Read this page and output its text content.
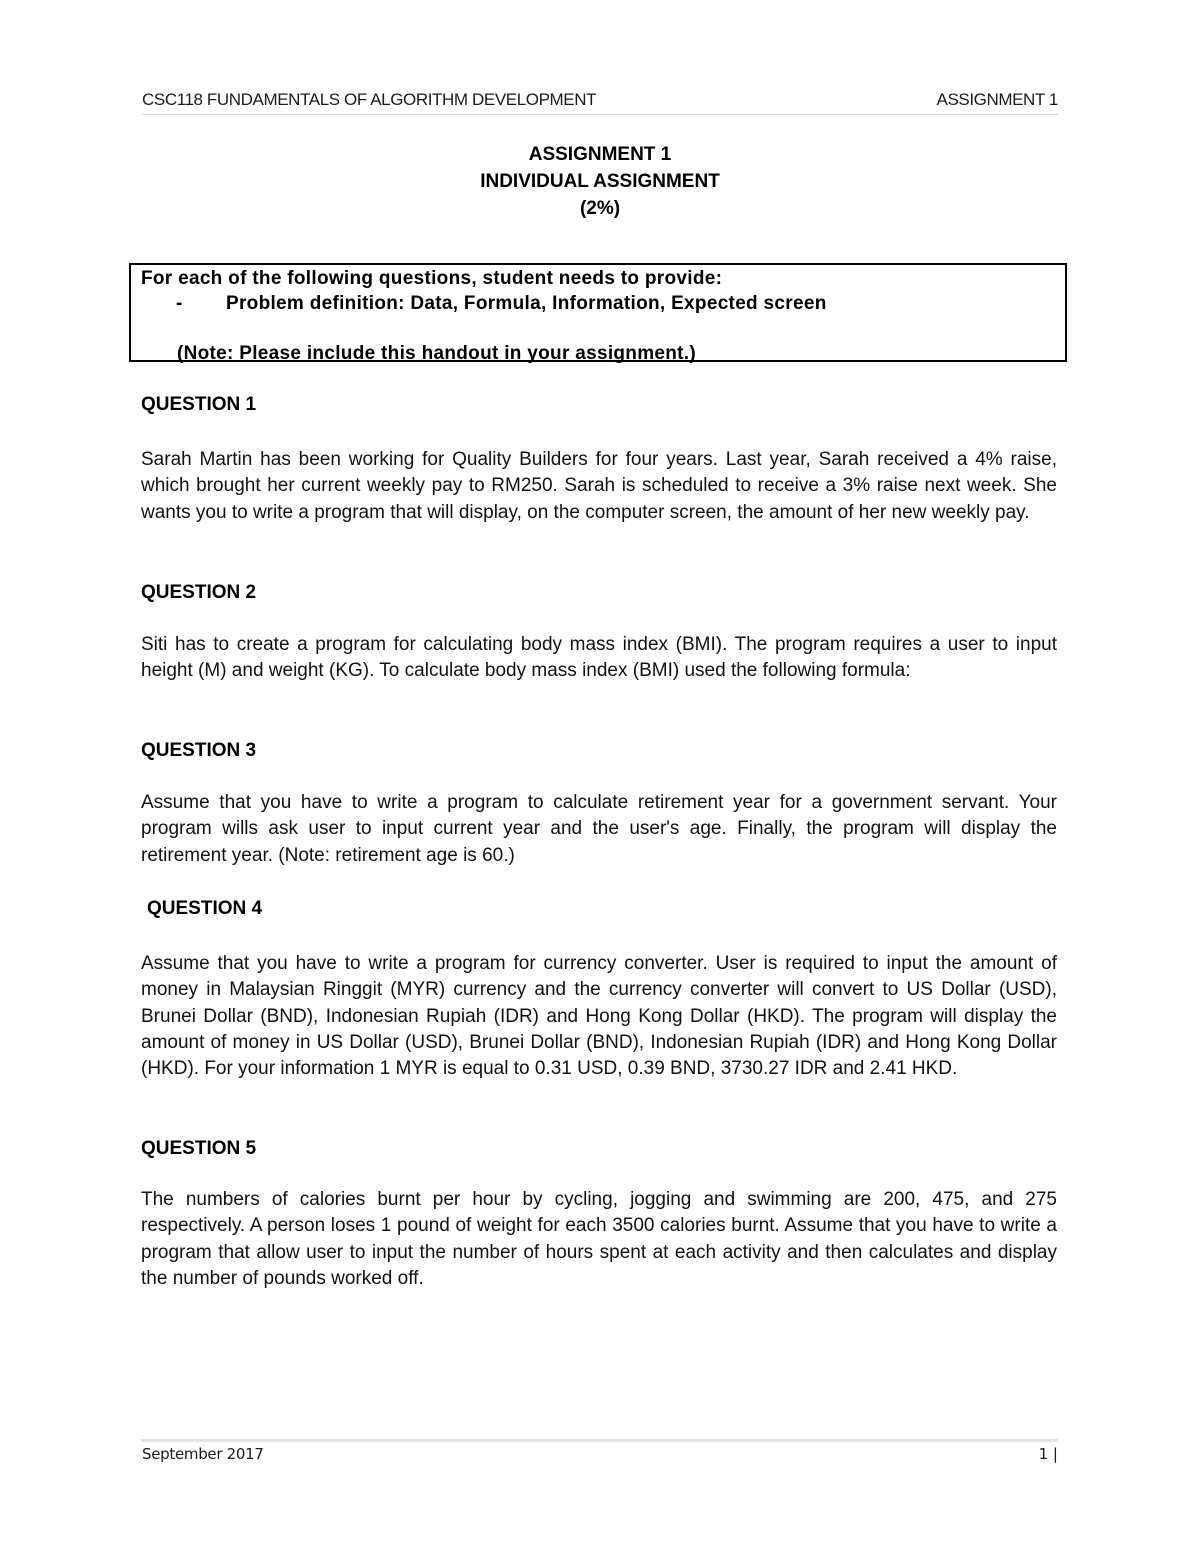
CSC118 FUNDAMENTALS OF ALGORITHM DEVELOPMENT	ASSIGNMENT 1
ASSIGNMENT 1
INDIVIDUAL ASSIGNMENT
(2%)
For each of the following questions, student needs to provide:
- Problem definition: Data, Formula, Information, Expected screen
(Note: Please include this handout in your assignment.)
QUESTION 1
Sarah Martin has been working for Quality Builders for four years. Last year, Sarah received a 4% raise, which brought her current weekly pay to RM250. Sarah is scheduled to receive a 3% raise next week. She wants you to write a program that will display, on the computer screen, the amount of her new weekly pay.
QUESTION 2
Siti has to create a program for calculating body mass index (BMI). The program requires a user to input height (M) and weight (KG). To calculate body mass index (BMI) used the following formula:
QUESTION 3
Assume that you have to write a program to calculate retirement year for a government servant. Your program wills ask user to input current year and the user's age. Finally, the program will display the retirement year. (Note: retirement age is 60.)
QUESTION 4
Assume that you have to write a program for currency converter. User is required to input the amount of money in Malaysian Ringgit (MYR) currency and the currency converter will convert to US Dollar (USD), Brunei Dollar (BND), Indonesian Rupiah (IDR) and Hong Kong Dollar (HKD). The program will display the amount of money in US Dollar (USD), Brunei Dollar (BND), Indonesian Rupiah (IDR) and Hong Kong Dollar (HKD). For your information 1 MYR is equal to 0.31 USD, 0.39 BND, 3730.27 IDR and 2.41 HKD.
QUESTION 5
The numbers of calories burnt per hour by cycling, jogging and swimming are 200, 475, and 275 respectively. A person loses 1 pound of weight for each 3500 calories burnt. Assume that you have to write a program that allow user to input the number of hours spent at each activity and then calculates and display the number of pounds worked off.
September 2017	1 |
